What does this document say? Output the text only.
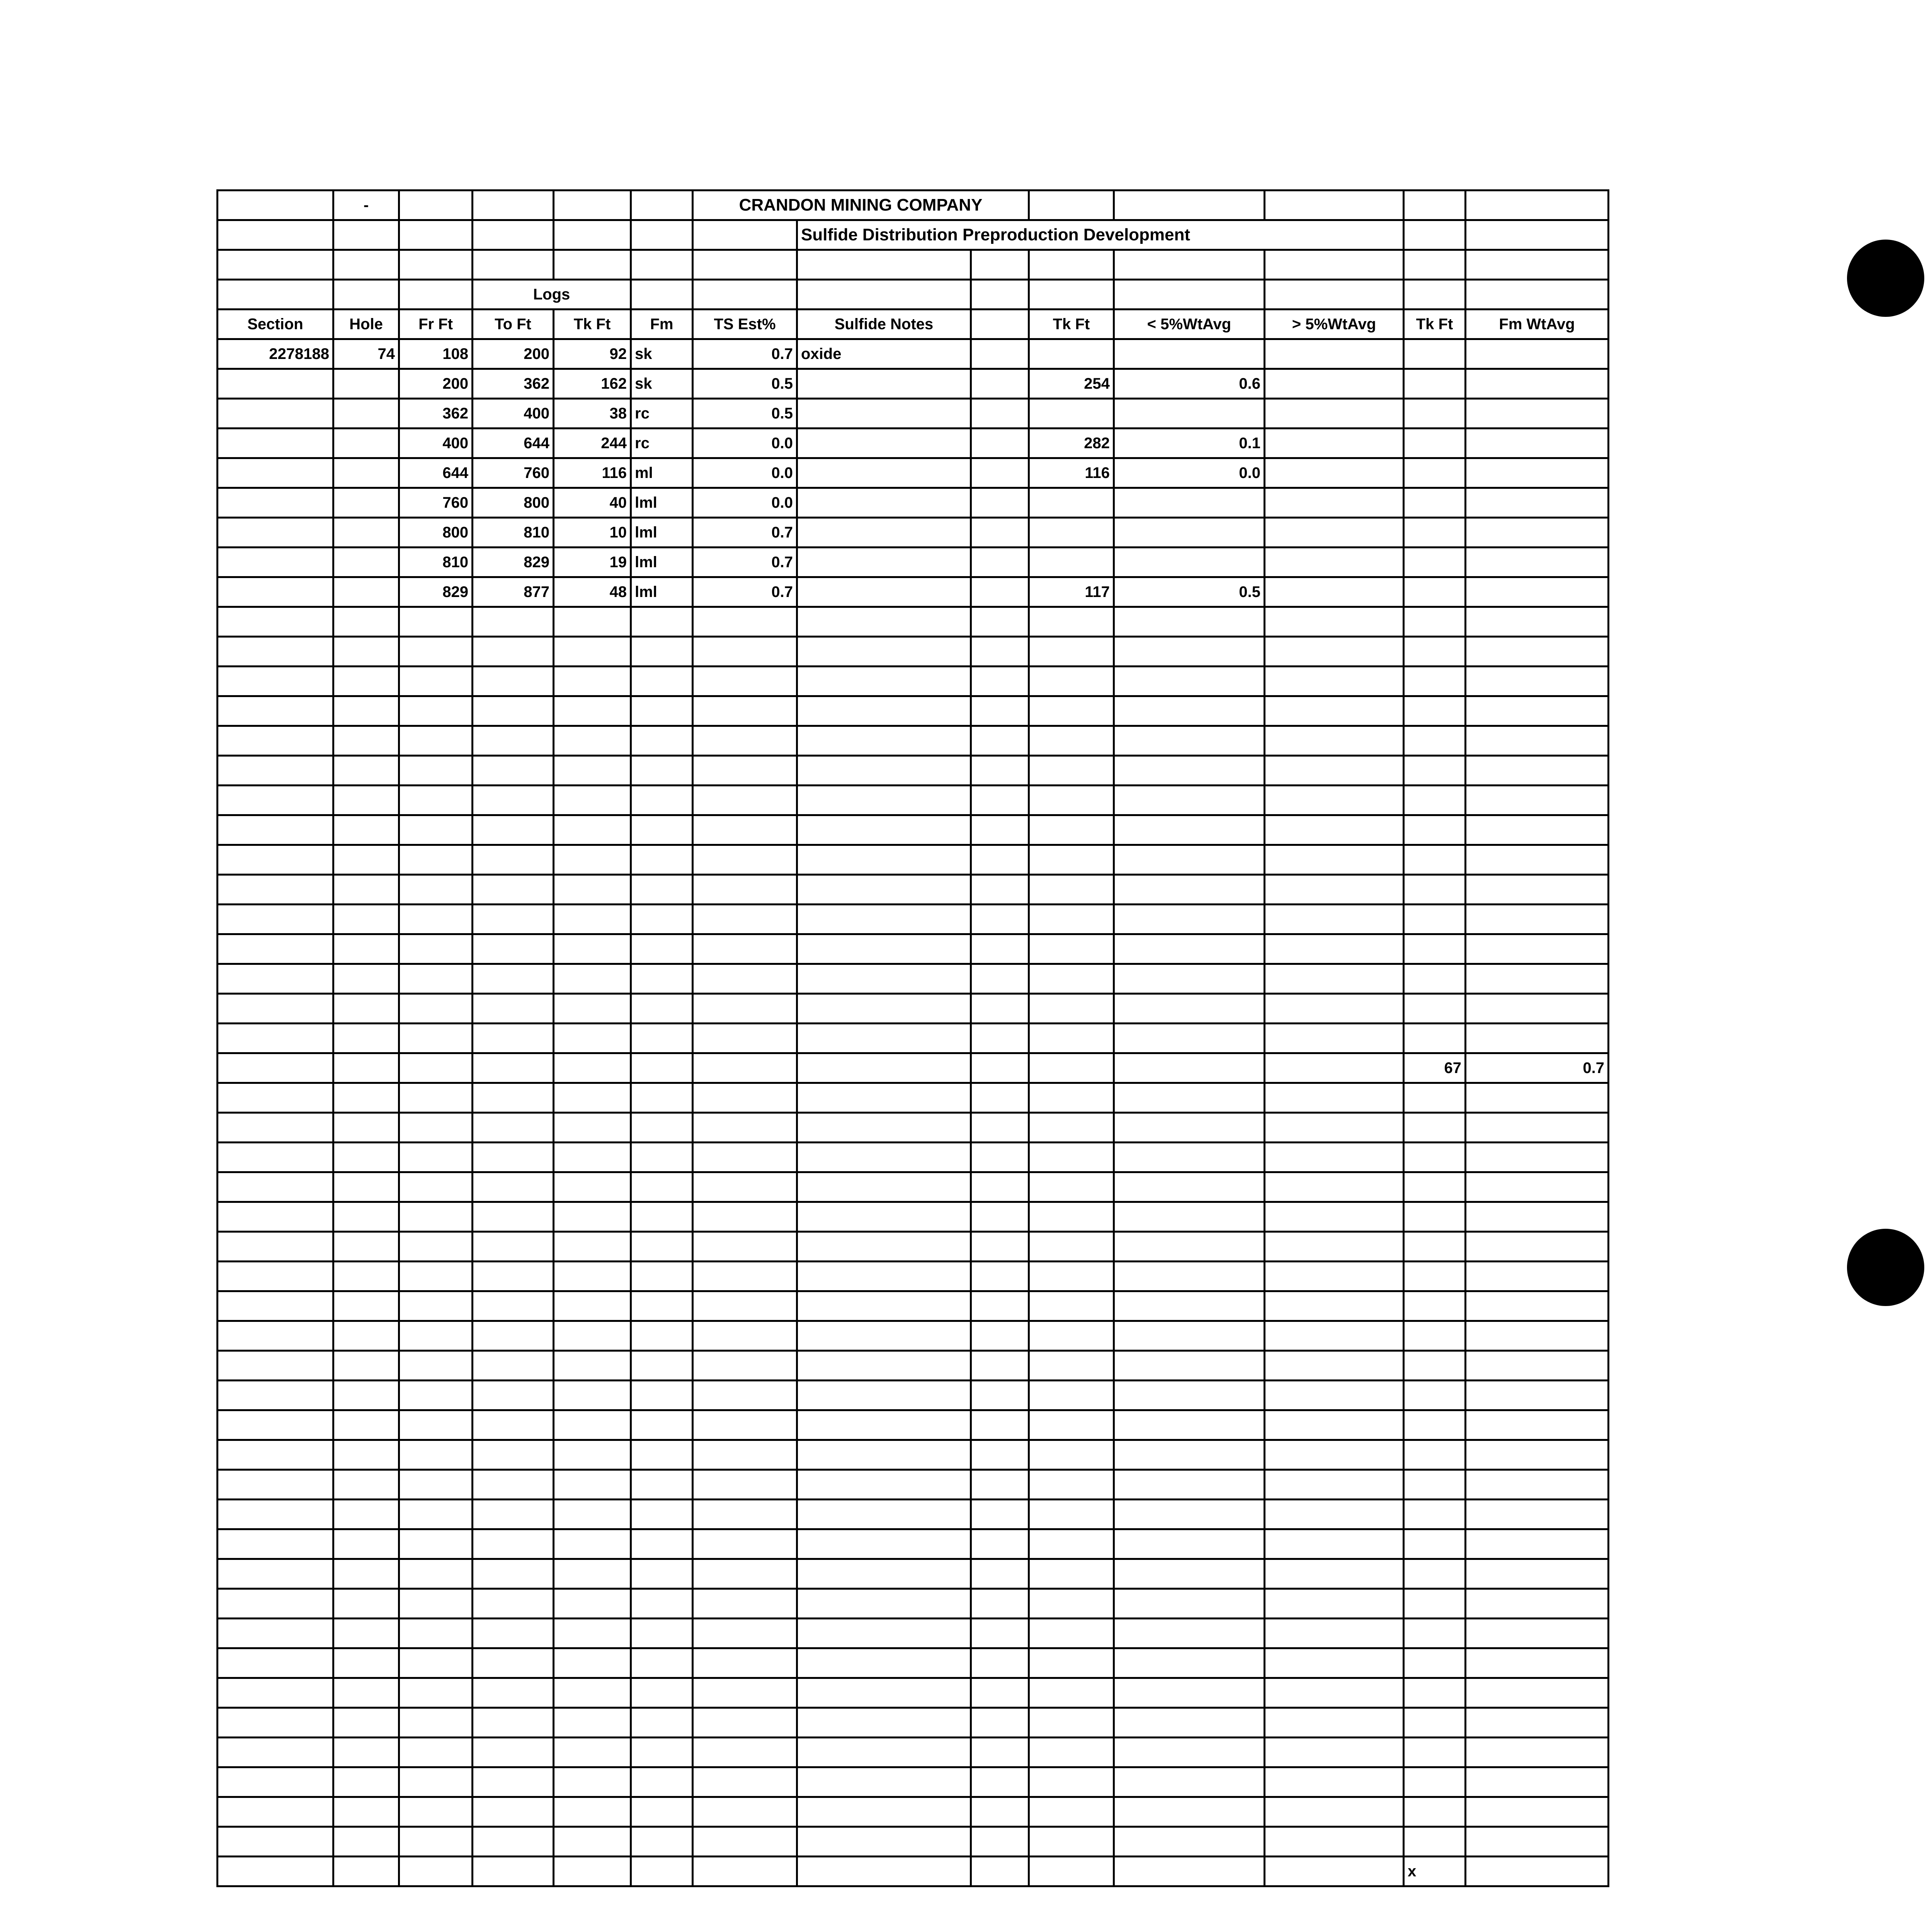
	-					CRANDON MINING COMPANY							
							Sulfide Distribution Preproduction Development						

			Logs										
Section	Hole	Fr Ft	To Ft	Tk Ft	Fm	TS Est%	Sulfide Notes		Tk Ft	< 5%WtAvg	> 5%WtAvg	Tk Ft	Fm WtAvg
2278188	74	108	200	92	sk	0.7	oxide						
		200	362	162	sk	0.5			254	0.6			
		362	400	38	rc	0.5							
		400	644	244	rc	0.0			282	0.1			
		644	760	116	ml	0.0			116	0.0			
		760	800	40	lml	0.0							
		800	810	10	lml	0.7							
		810	829	19	lml	0.7							
		829	877	48	lml	0.7			117	0.5			

												67	0.7

												x	
